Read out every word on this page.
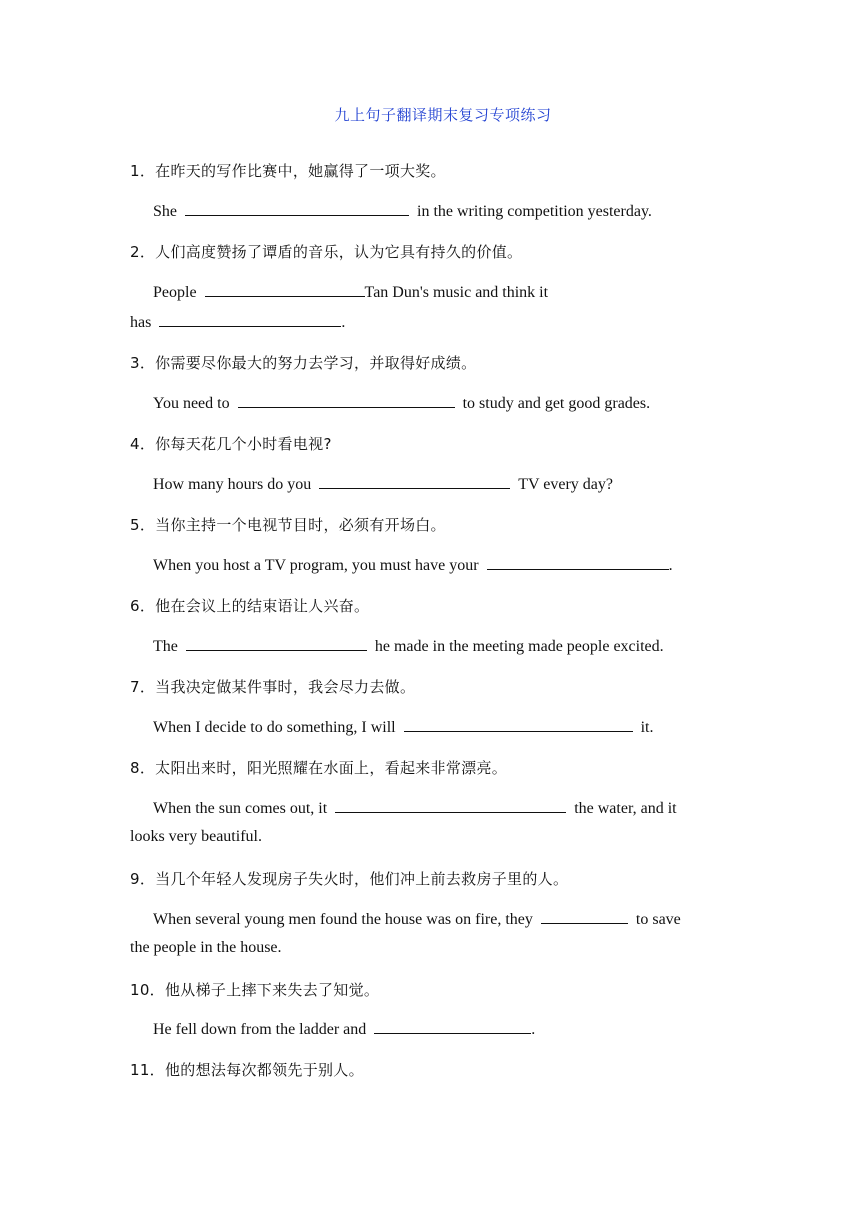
九上句子翻译期末复习专项练习
1．在昨天的写作比赛中，她赢得了一项大奖。
She	in the writing competition yesterday.
2．人们高度赞扬了谭盾的音乐，认为它具有持久的价值。
People	Tan Dun's music and think it
has	.
3．你需要尽你最大的努力去学习，并取得好成绩。
You need to	to study and get good grades.
4．你每天花几个小时看电视?
How many hours do you	TV every day?
5．当你主持一个电视节目时，必须有开场白。
When you host a TV program, you must have your	.
6．他在会议上的结束语让人兴奋。
The	he made in the meeting made people excited.
7．当我决定做某件事时，我会尽力去做。
When I decide to do something, I will	it.
8．太阳出来时，阳光照耀在水面上，看起来非常漂亮。
When the sun comes out, it	the water, and it
looks very beautiful.
9．当几个年轻人发现房子失火时，他们冲上前去救房子里的人。
When several young men found the house was on fire, they	to save
the people in the house.
10．他从梯子上摔下来失去了知觉。
He fell down from the ladder and	.
11．他的想法每次都领先于别人。
